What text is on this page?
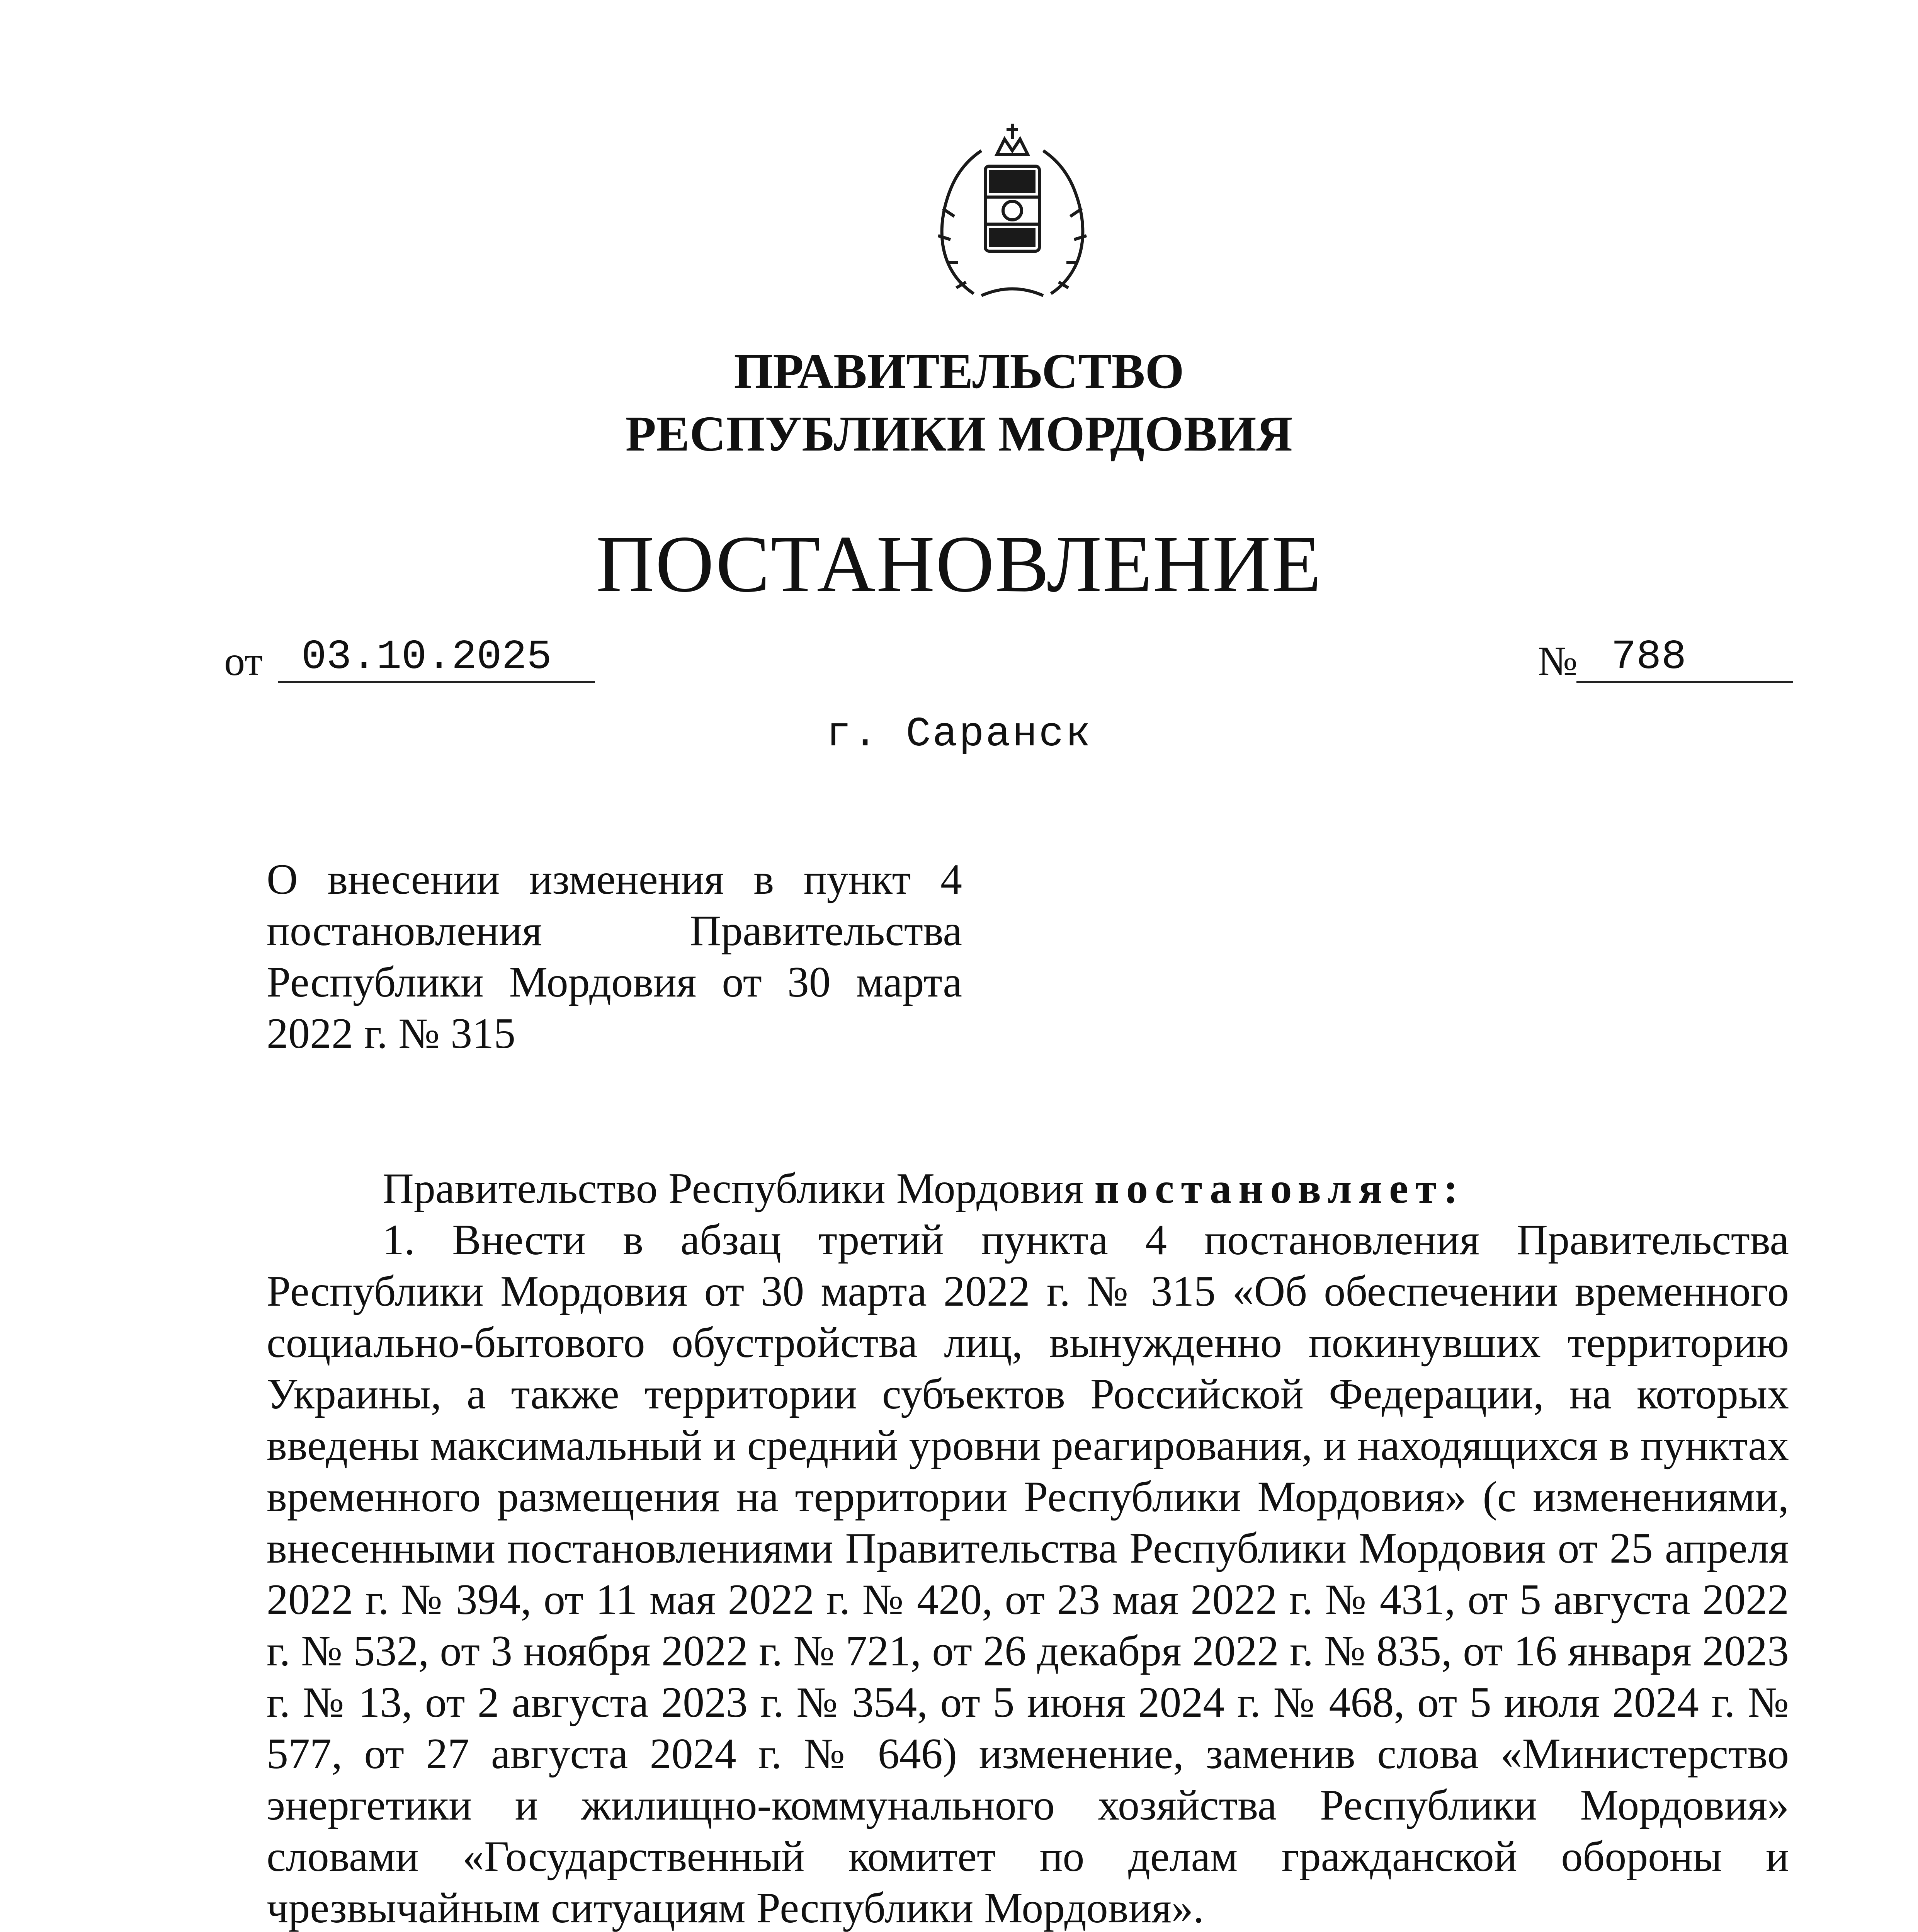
ПРАВИТЕЛЬСТВО
РЕСПУБЛИКИ МОРДОВИЯ
ПОСТАНОВЛЕНИЕ
от 03.10.2025	№ 788
г. Саранск
О внесении изменения в пункт 4 постановления Правительства Республики Мордовия от 30 марта 2022 г. № 315

Правительство Республики Мордовия постановляет:

1. Внести в абзац третий пункта 4 постановления Правительства Республики Мордовия от 30 марта 2022 г. № 315 «Об обеспечении временного социально-бытового обустройства лиц, вынужденно покинувших территорию Украины, а также территории субъектов Российской Федерации, на которых введены максимальный и средний уровни реагирования, и находящихся в пунктах временного размещения на территории Республики Мордовия» (с изменениями, внесенными постановлениями Правительства Республики Мордовия от 25 апреля 2022 г. № 394, от 11 мая 2022 г. № 420, от 23 мая 2022 г. № 431, от 5 августа 2022 г. № 532, от 3 ноября 2022 г. № 721, от 26 декабря 2022 г. № 835, от 16 января 2023 г. № 13, от 2 августа 2023 г. № 354, от 5 июня 2024 г. № 468, от 5 июля 2024 г. № 577, от 27 августа 2024 г. № 646) изменение, заменив слова «Министерство энергетики и жилищно-коммунального хозяйства Республики Мордовия» словами «Государственный комитет по делам гражданской обороны и чрезвычайным ситуациям Республики Мордовия».
